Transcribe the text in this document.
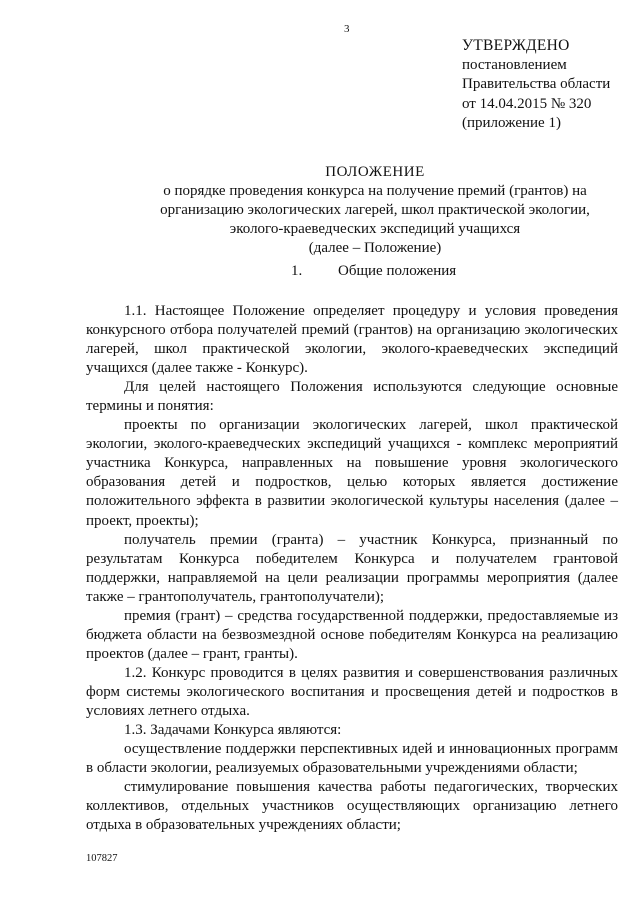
3
УТВЕРЖДЕНО
постановлением
Правительства области
от 14.04.2015 № 320
(приложение 1)
ПОЛОЖЕНИЕ
о порядке проведения конкурса на получение премий (грантов) на
организацию экологических лагерей, школ практической экологии,
эколого-краеведческих экспедиций учащихся
(далее – Положение)
1. Общие положения

1.1. Настоящее Положение определяет процедуру и условия проведения конкурсного отбора получателей премий (грантов) на организацию экологических лагерей, школ практической экологии, эколого-краеведческих экспедиций учащихся (далее также - Конкурс).

Для целей настоящего Положения используются следующие основные термины и понятия:

проекты по организации экологических лагерей, школ практической экологии, эколого-краеведческих экспедиций учащихся - комплекс мероприятий участника Конкурса, направленных на повышение уровня экологического образования детей и подростков, целью которых является достижение положительного эффекта в развитии экологической культуры населения (далее – проект, проекты);

получатель премии (гранта) – участник Конкурса, признанный по результатам Конкурса победителем Конкурса и получателем грантовой поддержки, направляемой на цели реализации программы мероприятия (далее также – грантополучатель, грантополучатели);

премия (грант) – средства государственной поддержки, предоставляемые из бюджета области на безвозмездной основе победителям Конкурса на реализацию проектов (далее – грант, гранты).

1.2. Конкурс проводится в целях развития и совершенствования различных форм системы экологического воспитания и просвещения детей и подростков в условиях летнего отдыха.

1.3. Задачами Конкурса являются:

осуществление поддержки перспективных идей и инновационных программ в области экологии, реализуемых образовательными учреждениями области;

стимулирование повышения качества работы педагогических, творческих коллективов, отдельных участников осуществляющих организацию летнего отдыха в образовательных учреждениях области;

107827
